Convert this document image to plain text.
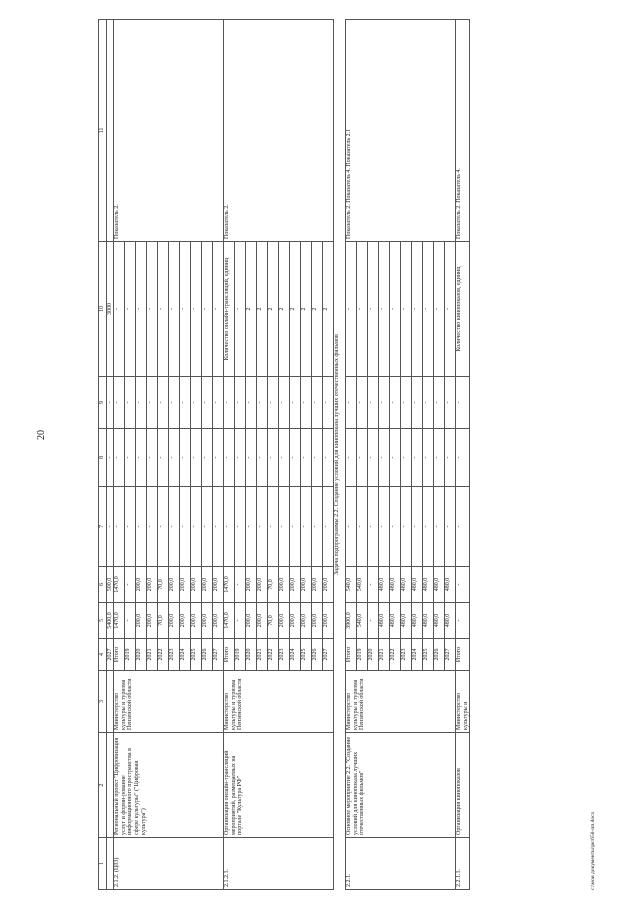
20
c:\мои документы\рк\658-пп.docx
1	2	3	4	5	6	7	8	9	10	11
			2027	5400,0	500,0	-	-	-	3000	
2.1.2. (Ц03)	Региональный проект "Цифровизация услуг и форми-рование информационного пространства в сфере культуры" ("Цифровая культура")	Министерство культуры и туризма Пензенской области	Итого	1470,0	1470,0	-	-	-	-	Показатель 2.
			2019	-	-	-	-	-	-	
			2020	200,0	200,0	-	-	-	-	
			2021	200,0	200,0	-	-	-	-	
			2022	70,0	70,0	-	-	-	-	
			2023	200,0	200,0	-	-	-	-	
			2024	200,0	200,0	-	-	-	-	
			2025	200,0	200,0	-	-	-	-	
			2026	200,0	200,0	-	-	-	-	
			2027	200,0	200,0	-	-	-	-	
2.1.2.1.	Организация онлайн-трансляций мероприятий, размещаемых на портале "Культура РФ"	Министерство культуры и туризма Пензенской области	Итого	1470,0	1470,0	-	-	-	Количество онлайн-трансляций, единиц	Показатель 2.
			2019	-	-	-	-	-	-	
			2020	200,0	200,0	-	-	-	2	
			2021	200,0	200,0	-	-	-	2	
			2022	70,0	70,0	-	-	-	2	
			2023	200,0	200,0	-	-	-	2	
			2024	200,0	200,0	-	-	-	2	
			2025	200,0	200,0	-	-	-	2	
			2026	200,0	200,0	-	-	-	2	
			2027	200,0	200,0	-	-	-	2	
Задача подпрограммы 2.2. Создание условий для кинопоказа лучших отечественных фильмов										
2.2.1.	Основное мероприятие 2.2. "Создание условий для кинопоказа лучших отечественных фильмов"	Министерство культуры и туризма Пензенской области	Итого	3900,0	540,0	-	-	-	-	Показатель 2. Показатель 4. Показатель 2.1
			2019	540,0	540,0	-	-	-	-	
			2020	-	-	-	-	-	-	
			2021	480,0	480,0	-	-	-	-	
			2022	480,0	480,0	-	-	-	-	
			2023	480,0	480,0	-	-	-	-	
			2024	480,0	480,0	-	-	-	-	
			2025	480,0	480,0	-	-	-	-	
			2026	480,0	480,0	-	-	-	-	
			2027	480,0	480,0	-	-	-	-	
2.2.1.1.	Организация кинопоказов	Министерство культуры и	Итого	-	-	-	-	-	Количество кинопоказов, единиц	Показатель 2. Показатель 4.
